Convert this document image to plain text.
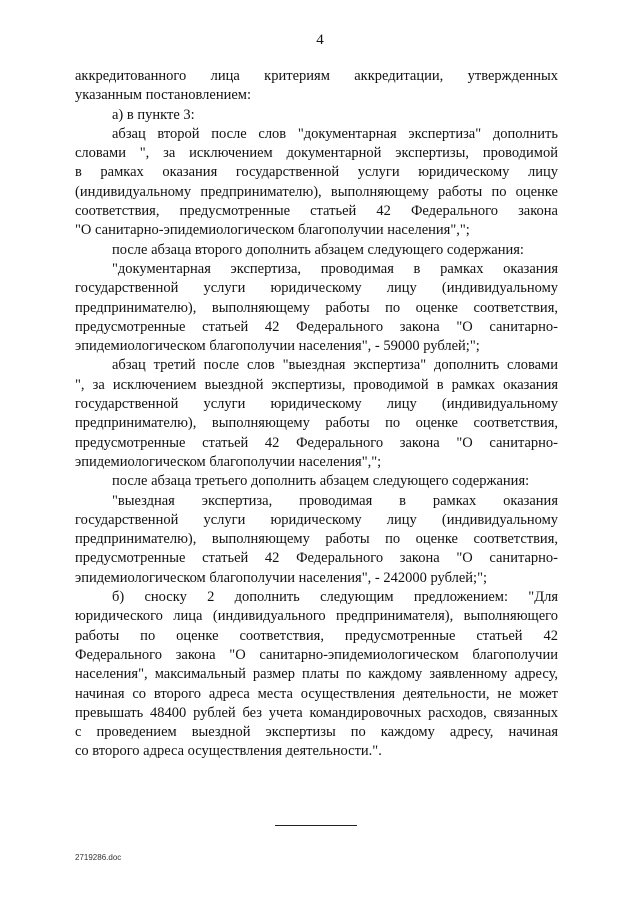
4
аккредитованного лица критериям аккредитации, утвержденных
указанным постановлением:
а) в пункте 3:
абзац второй после слов "документарная экспертиза" дополнить
словами ", за исключением документарной экспертизы, проводимой
в рамках оказания государственной услуги юридическому лицу
(индивидуальному предпринимателю), выполняющему работы по оценке
соответствия, предусмотренные статьей 42 Федерального закона
"О санитарно-эпидемиологическом благополучии населения",";
после абзаца второго дополнить абзацем следующего содержания:
"документарная экспертиза, проводимая в рамках оказания
государственной услуги юридическому лицу (индивидуальному
предпринимателю), выполняющему работы по оценке соответствия,
предусмотренные статьей 42 Федерального закона "О санитарно-
эпидемиологическом благополучии населения", - 59000 рублей;";
абзац третий после слов "выездная экспертиза" дополнить словами
", за исключением выездной экспертизы, проводимой в рамках оказания
государственной услуги юридическому лицу (индивидуальному
предпринимателю), выполняющему работы по оценке соответствия,
предусмотренные статьей 42 Федерального закона "О санитарно-
эпидемиологическом благополучии населения",";
после абзаца третьего дополнить абзацем следующего содержания:
"выездная экспертиза, проводимая в рамках оказания
государственной услуги юридическому лицу (индивидуальному
предпринимателю), выполняющему работы по оценке соответствия,
предусмотренные статьей 42 Федерального закона "О санитарно-
эпидемиологическом благополучии населения", - 242000 рублей;";
б) сноску 2 дополнить следующим предложением: "Для
юридического лица (индивидуального предпринимателя), выполняющего
работы по оценке соответствия, предусмотренные статьей 42
Федерального закона "О санитарно-эпидемиологическом благополучии
населения", максимальный размер платы по каждому заявленному адресу,
начиная со второго адреса места осуществления деятельности, не может
превышать 48400 рублей без учета командировочных расходов, связанных
с проведением выездной экспертизы по каждому адресу, начиная
со второго адреса осуществления деятельности.".
2719286.doc
